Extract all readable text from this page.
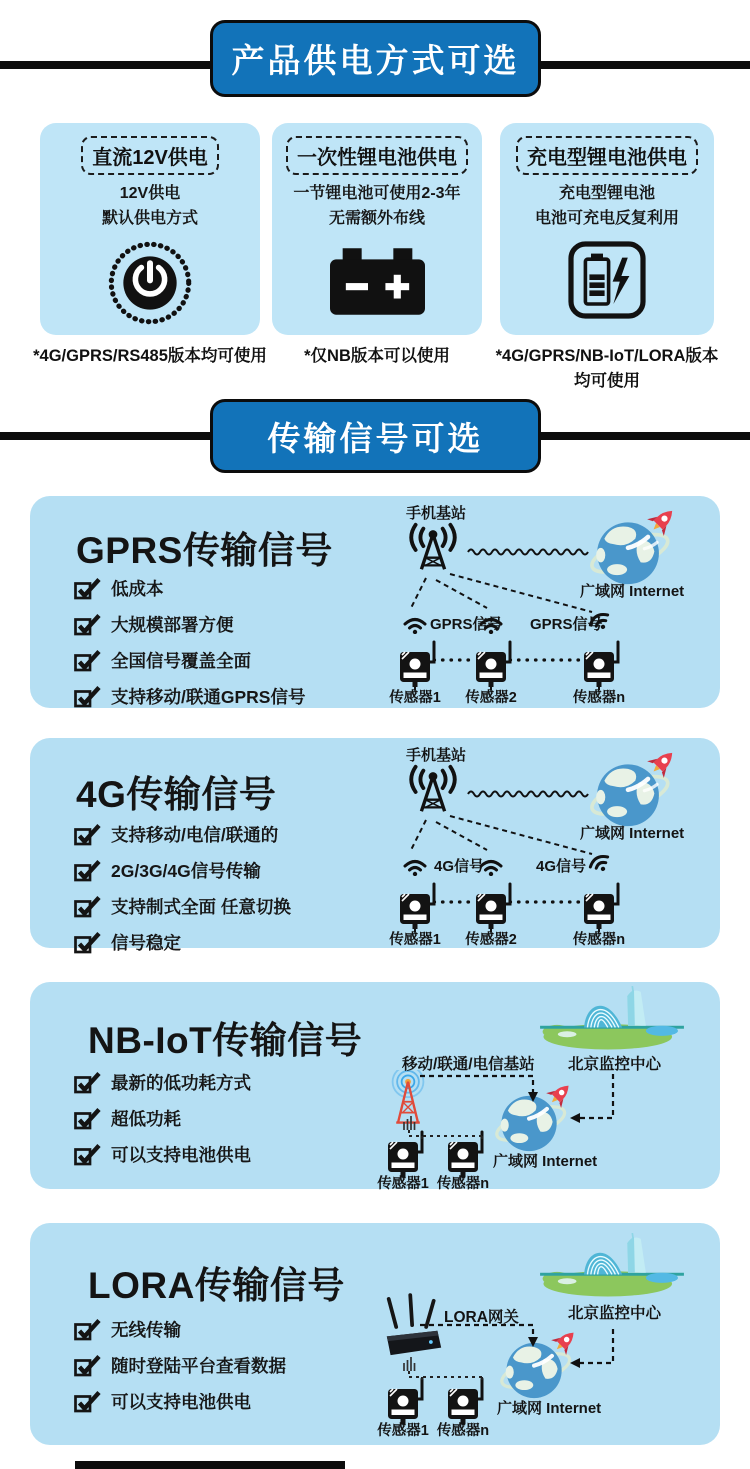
产品供电方式可选
直流12V供电
12V供电
默认供电方式
*4G/GPRS/RS485版本均可使用
一次性锂电池供电
一节锂电池可使用2-3年
无需额外布线
*仅NB版本可以使用
充电型锂电池供电
充电型锂电池
电池可充电反复利用
*4G/GPRS/NB-IoT/LORA版本均可使用
传输信号可选
GPRS传输信号
低成本
大规模部署方便
全国信号覆盖全面
支持移动/联通GPRS信号
手机基站
广域网 Internet
GPRS信号 GPRS信号
传感器1	传感器2	传感器n
4G传输信号
支持移动/电信/联通的
2G/3G/4G信号传输
支持制式全面 任意切换
信号稳定
手机基站
广域网 Internet
4G信号	4G信号
传感器1	传感器2	传感器n
NB-IoT传输信号
最新的低功耗方式
超低功耗
可以支持电池供电
北京监控中心
移动/联通/电信基站
广域网 Internet
传感器1 传感器n
LORA传输信号
无线传输
随时登陆平台查看数据
可以支持电池供电
北京监控中心
LORA网关
广域网 Internet
传感器1 传感器n
